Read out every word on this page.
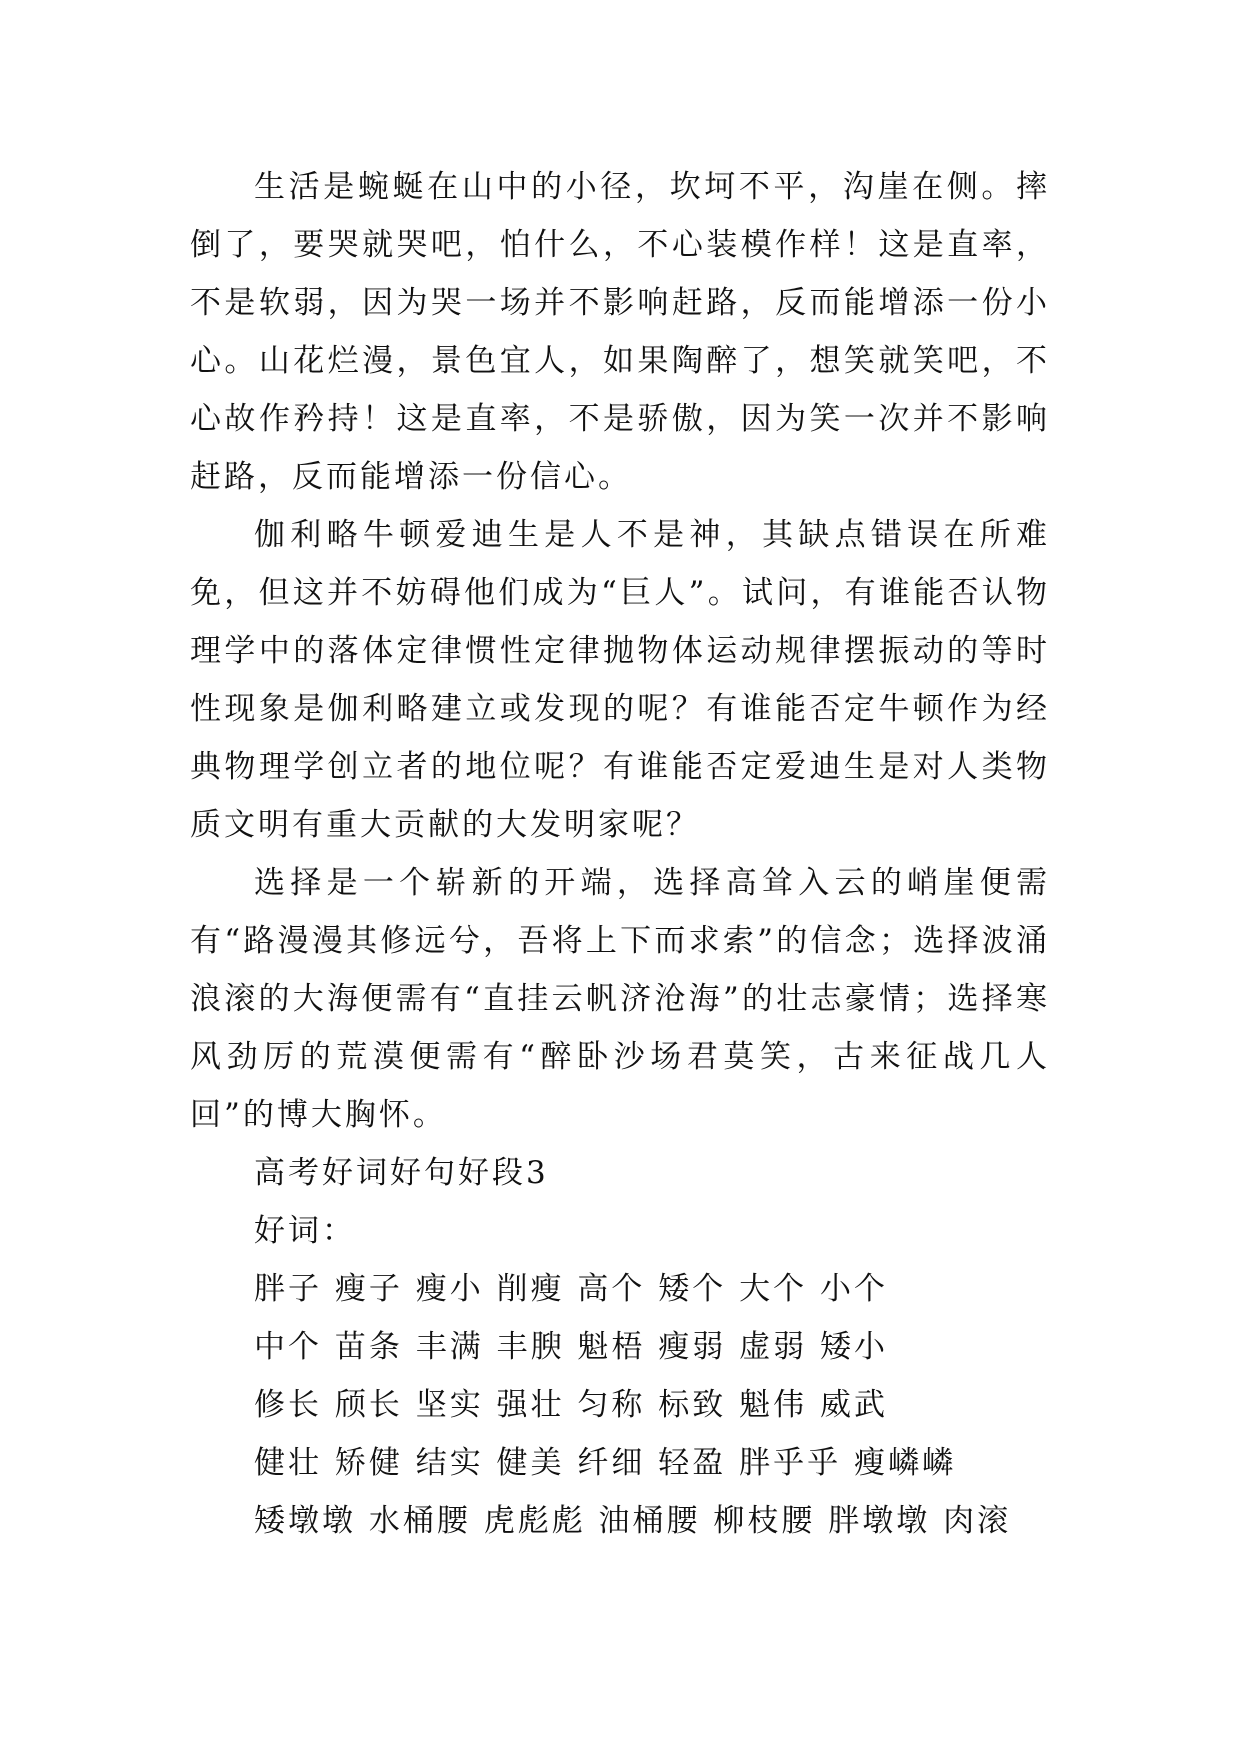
生活是蜿蜒在山中的小径，坎坷不平，沟崖在侧。摔倒了，要哭就哭吧，怕什么，不心装模作样！这是直率，不是软弱，因为哭一场并不影响赶路，反而能增添一份小心。山花烂漫，景色宜人，如果陶醉了，想笑就笑吧，不心故作矜持！这是直率，不是骄傲，因为笑一次并不影响赶路，反而能增添一份信心。

伽利略牛顿爱迪生是人不是神，其缺点错误在所难免，但这并不妨碍他们成为“巨人”。试问，有谁能否认物理学中的落体定律惯性定律抛物体运动规律摆振动的等时性现象是伽利略建立或发现的呢？有谁能否定牛顿作为经典物理学创立者的地位呢？有谁能否定爱迪生是对人类物质文明有重大贡献的大发明家呢？

选择是一个崭新的开端，选择高耸入云的峭崖便需有“路漫漫其修远兮，吾将上下而求索”的信念；选择波涌浪滚的大海便需有“直挂云帆济沧海”的壮志豪情；选择寒风劲厉的荒漠便需有“醉卧沙场君莫笑，古来征战几人回”的博大胸怀。

高考好词好句好段3

好词：

胖子 瘦子 瘦小 削瘦 高个 矮个 大个 小个

中个 苗条 丰满 丰腴 魁梧 瘦弱 虚弱 矮小

修长 颀长 坚实 强壮 匀称 标致 魁伟 威武

健壮 矫健 结实 健美 纤细 轻盈 胖乎乎 瘦嶙嶙

矮墩墩 水桶腰 虎彪彪 油桶腰 柳枝腰 胖墩墩 肉滚
